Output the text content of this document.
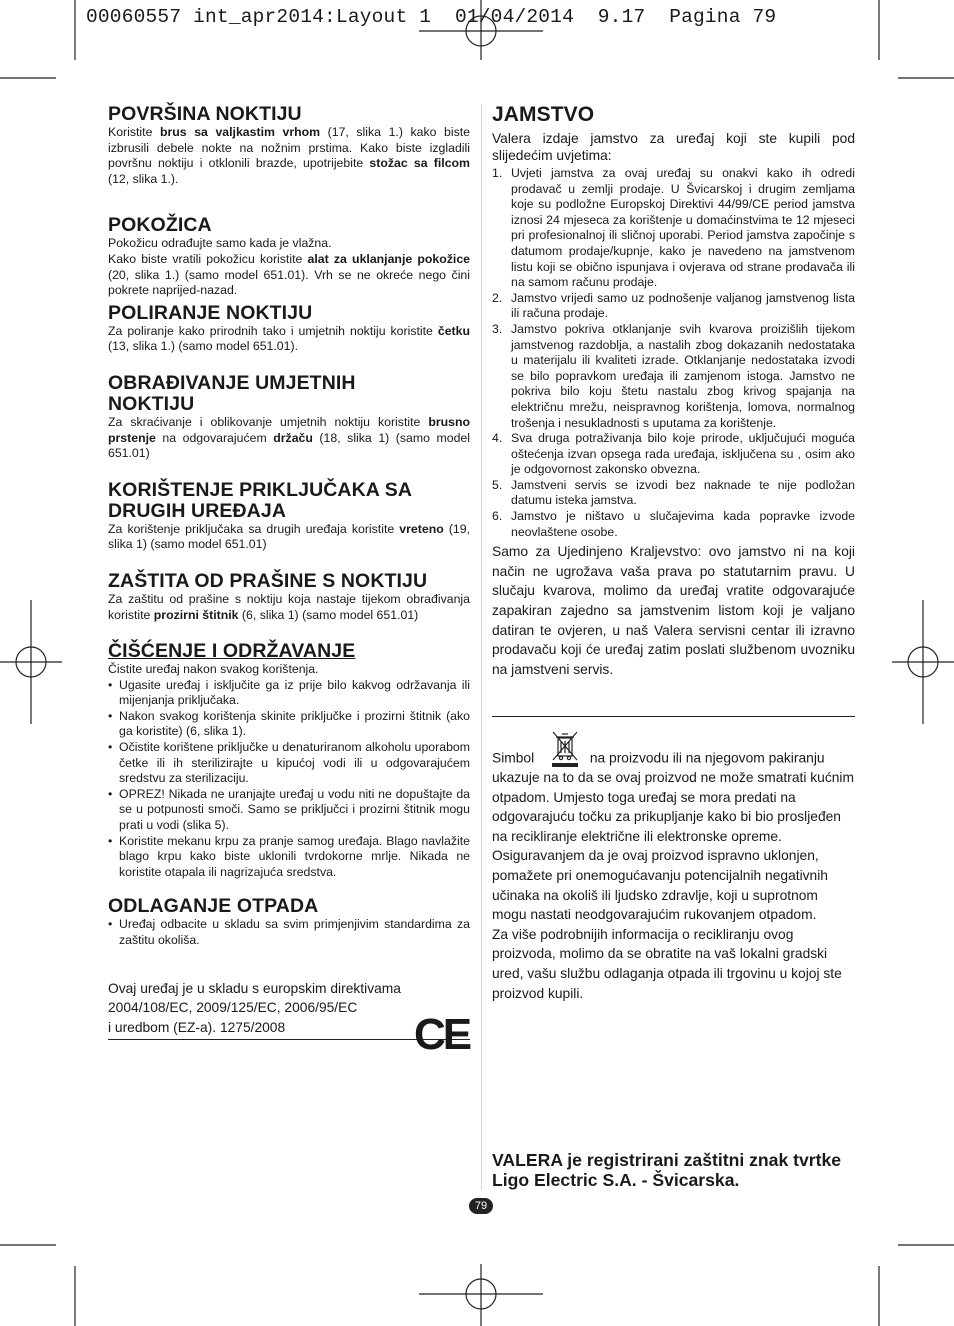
00060557 int_apr2014:Layout 1  01/04/2014  9.17  Pagina 79
POVRŠINA NOKTIJU

Koristite brus sa valjkastim vrhom (17, slika 1.) kako biste izbrusili debele nokte na nožnim prstima. Kako biste izgladili površnu noktiju i otklonili brazde, upotrijebite stožac sa filcom (12, slika 1.).

POKOŽICA

Pokožicu odrađujte samo kada je vlažna.

Kako biste vratili pokožicu koristite alat za uklanjanje pokožice (20, slika 1.) (samo model 651.01). Vrh se ne okreće nego čini pokrete naprijed-nazad.

POLIRANJE NOKTIJU

Za poliranje kako prirodnih tako i umjetnih noktiju koristite četku (13, slika 1.) (samo model 651.01).

OBRAĐIVANJE UMJETNIH NOKTIJU

Za skraćivanje i oblikovanje umjetnih noktiju koristite brusno prstenje na odgovarajućem držaču (18, slika 1) (samo model 651.01)

KORIŠTENJE PRIKLJUČAKA SA DRUGIH UREĐAJA

Za korištenje priključaka sa drugih uređaja koristite vreteno (19, slika 1) (samo model 651.01)

ZAŠTITA OD PRAŠINE S NOKTIJU

Za zaštitu od prašine s noktiju koja nastaje tijekom obrađivanja koristite prozirni štitnik (6, slika 1) (samo model 651.01)

ČIŠĆENJE I ODRŽAVANJE

Čistite uređaj nakon svakog korištenja.

• Ugasite uređaj i isključite ga iz prije bilo kakvog održavanja ili mijenjanja priključaka.
• Nakon svakog korištenja skinite priključke i prozirni štitnik (ako ga koristite) (6, slika 1).
• Očistite korištene priključke u denaturiranom alkoholu uporabom četke ili ih sterilizirajte u kipućoj vodi ili u odgovarajućem sredstvu za sterilizaciju.
• OPREZ! Nikada ne uranjajte uređaj u vodu niti ne dopuštajte da se u potpunosti smoči. Samo se priključci i prozirni štitnik mogu prati u vodi (slika 5).
• Koristite mekanu krpu za pranje samog uređaja. Blago navlažite blago krpu kako biste uklonili tvrdokorne mrlje. Nikada ne koristite otapala ili nagrizajuća sredstva.
ODLAGANJE OTPADA
• Uređaj odbacite u skladu sa svim primjenjivim standardima za zaštitu okoliša.
Ovaj uređaj je u skladu s europskim direktivama
2004/108/EC, 2009/125/EC, 2006/95/EC
i uredbom (EZ-a). 1275/2008	CE
JAMSTVO

Valera izdaje jamstvo za uređaj koji ste kupili pod slijedećim uvjetima:

1. Uvjeti jamstva za ovaj uređaj su onakvi kako ih odredi prodavač u zemlji prodaje. U Švicarskoj i drugim zemljama koje su podložne Europskoj Direktivi 44/99/CE period jamstva iznosi 24 mjeseca za korištenje u domaćinstvima te 12 mjeseci pri profesionalnoj ili sličnoj uporabi. Period jamstva započinje s datumom prodaje/kupnje, kako je navedeno na jamstvenom listu koji se obično ispunjava i ovjerava od strane prodavača ili na samom računu prodaje.
2. Jamstvo vrijedi samo uz podnošenje valjanog jamstvenog lista ili računa prodaje.
3. Jamstvo pokriva otklanjanje svih kvarova proizišlih tijekom jamstvenog razdoblja, a nastalih zbog dokazanih nedostataka u materijalu ili kvaliteti izrade. Otklanjanje nedostataka izvodi se bilo popravkom uređaja ili zamjenom istoga. Jamstvo ne pokriva bilo koju štetu nastalu zbog krivog spajanja na električnu mrežu, neispravnog korištenja, lomova, normalnog trošenja i nesukladnosti s uputama za korištenje.
4. Sva druga potraživanja bilo koje prirode, uključujući moguća oštećenja izvan opsega rada uređaja, isključena su , osim ako je odgovornost zakonsko obvezna.
5. Jamstveni servis se izvodi bez naknade te nije podložan datumu isteka jamstva.
6. Jamstvo je ništavo u slučajevima kada popravke izvode neovlaštene osobe.

Samo za Ujedinjeno Kraljevstvo: ovo jamstvo ni na koji način ne ugrožava vaša prava po statutarnim pravu. U slučaju kvarova, molimo da uređaj vratite odgovarajuće zapakiran zajedno sa jamstvenim listom koji je valjano datiran te ovjeren, u naš Valera servisni centar ili izravno prodavaču koji će uređaj zatim poslati službenom uvozniku na jamstveni servis.

Simbol	na proizvodu ili na njegovom pakiranju ukazuje na to da se ovaj proizvod ne može smatrati kućnim otpadom. Umjesto toga uređaj se mora predati na odgovarajuću točku za prikupljanje kako bi bio prosljeđen na recikliranje električne ili elektronske opreme. Osiguravanjem da je ovaj proizvod ispravno uklonjen, pomažete pri onemogućavanju potencijalnih negativnih učinaka na okoliš ili ljudsko zdravlje, koji u suprotnom mogu nastati neodgovarajućim rukovanjem otpadom.

Za više podrobnijih informacija o recikliranju ovog proizvoda, molimo da se obratite na vaš lokalni gradski ured, vašu službu odlaganja otpada ili trgovinu u kojoj ste proizvod kupili.

VALERA je registrirani zaštitni znak tvrtke Ligo Electric S.A. - Švicarska.
79
